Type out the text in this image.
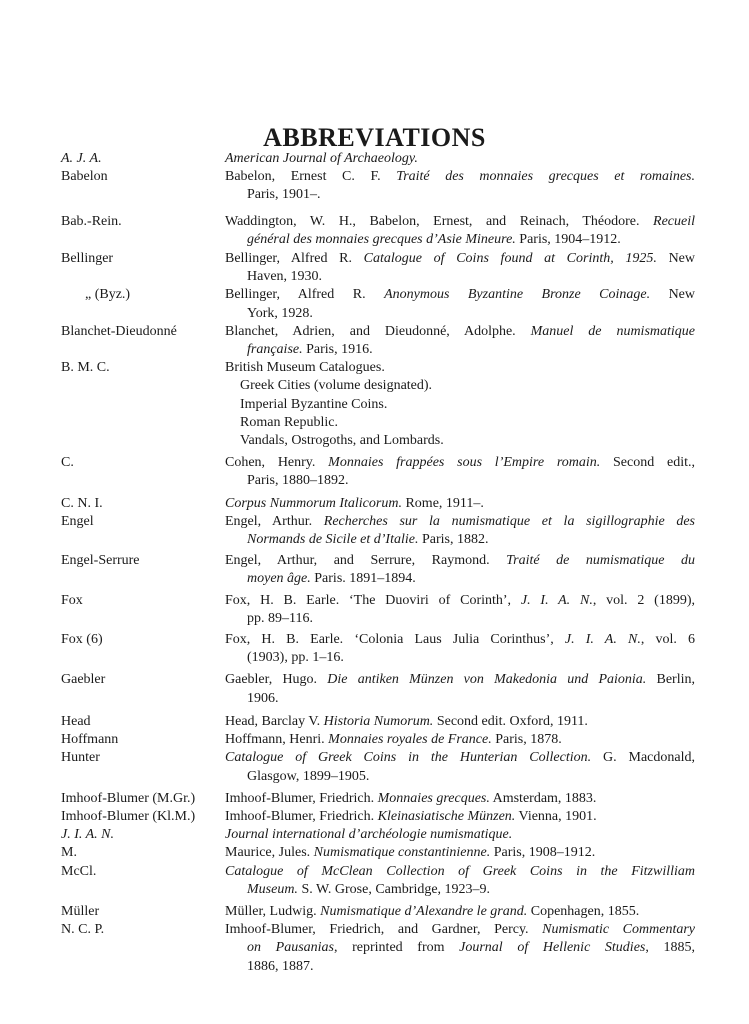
ABBREVIATIONS
A. J. A.	American Journal of Archaeology.
Babelon	Babelon, Ernest C. F. Traité des monnaies grecques et romaines.
Paris, 1901–.
Bab.-Rein.	Waddington, W. H., Babelon, Ernest, and Reinach, Théodore. Recueil
général des monnaies grecques d’Asie Mineure. Paris, 1904–1912.
Bellinger	Bellinger, Alfred R. Catalogue of Coins found at Corinth, 1925. New
Haven, 1930.
„ (Byz.)	Bellinger, Alfred R. Anonymous Byzantine Bronze Coinage. New
York, 1928.
Blanchet-Dieudonné	Blanchet, Adrien, and Dieudonné, Adolphe. Manuel de numismatique
française. Paris, 1916.
B. M. C.	British Museum Catalogues.
Greek Cities (volume designated).
Imperial Byzantine Coins.
Roman Republic.
Vandals, Ostrogoths, and Lombards.
C.	Cohen, Henry. Monnaies frappées sous l’Empire romain. Second edit.,
Paris, 1880–1892.
C. N. I.	Corpus Nummorum Italicorum. Rome, 1911–.
Engel	Engel, Arthur. Recherches sur la numismatique et la sigillographie des
Normands de Sicile et d’Italie. Paris, 1882.
Engel-Serrure	Engel, Arthur, and Serrure, Raymond. Traité de numismatique du
moyen âge. Paris. 1891–1894.
Fox	Fox, H. B. Earle. ‘The Duoviri of Corinth’, J. I. A. N., vol. 2 (1899),
pp. 89–116.
Fox (6)	Fox, H. B. Earle. ‘Colonia Laus Julia Corinthus’, J. I. A. N., vol. 6
(1903), pp. 1–16.
Gaebler	Gaebler, Hugo. Die antiken Münzen von Makedonia und Paionia. Berlin,
1906.
Head	Head, Barclay V. Historia Numorum. Second edit. Oxford, 1911.
Hoffmann	Hoffmann, Henri. Monnaies royales de France. Paris, 1878.
Hunter	Catalogue of Greek Coins in the Hunterian Collection. G. Macdonald,
Glasgow, 1899–1905.
Imhoof-Blumer (M.Gr.) Imhoof-Blumer, Friedrich. Monnaies grecques. Amsterdam, 1883.
Imhoof-Blumer (Kl.M.) Imhoof-Blumer, Friedrich. Kleinasiatische Münzen. Vienna, 1901.
J. I. A. N.	Journal international d’archéologie numismatique.
M.	Maurice, Jules. Numismatique constantinienne. Paris, 1908–1912.
McCl.	Catalogue of McClean Collection of Greek Coins in the Fitzwilliam
Museum. S. W. Grose, Cambridge, 1923–9.
Müller	Müller, Ludwig. Numismatique d’Alexandre le grand. Copenhagen, 1855.
N. C. P.	Imhoof-Blumer, Friedrich, and Gardner, Percy. Numismatic Commentary
on Pausanias, reprinted from Journal of Hellenic Studies, 1885,
1886, 1887.
